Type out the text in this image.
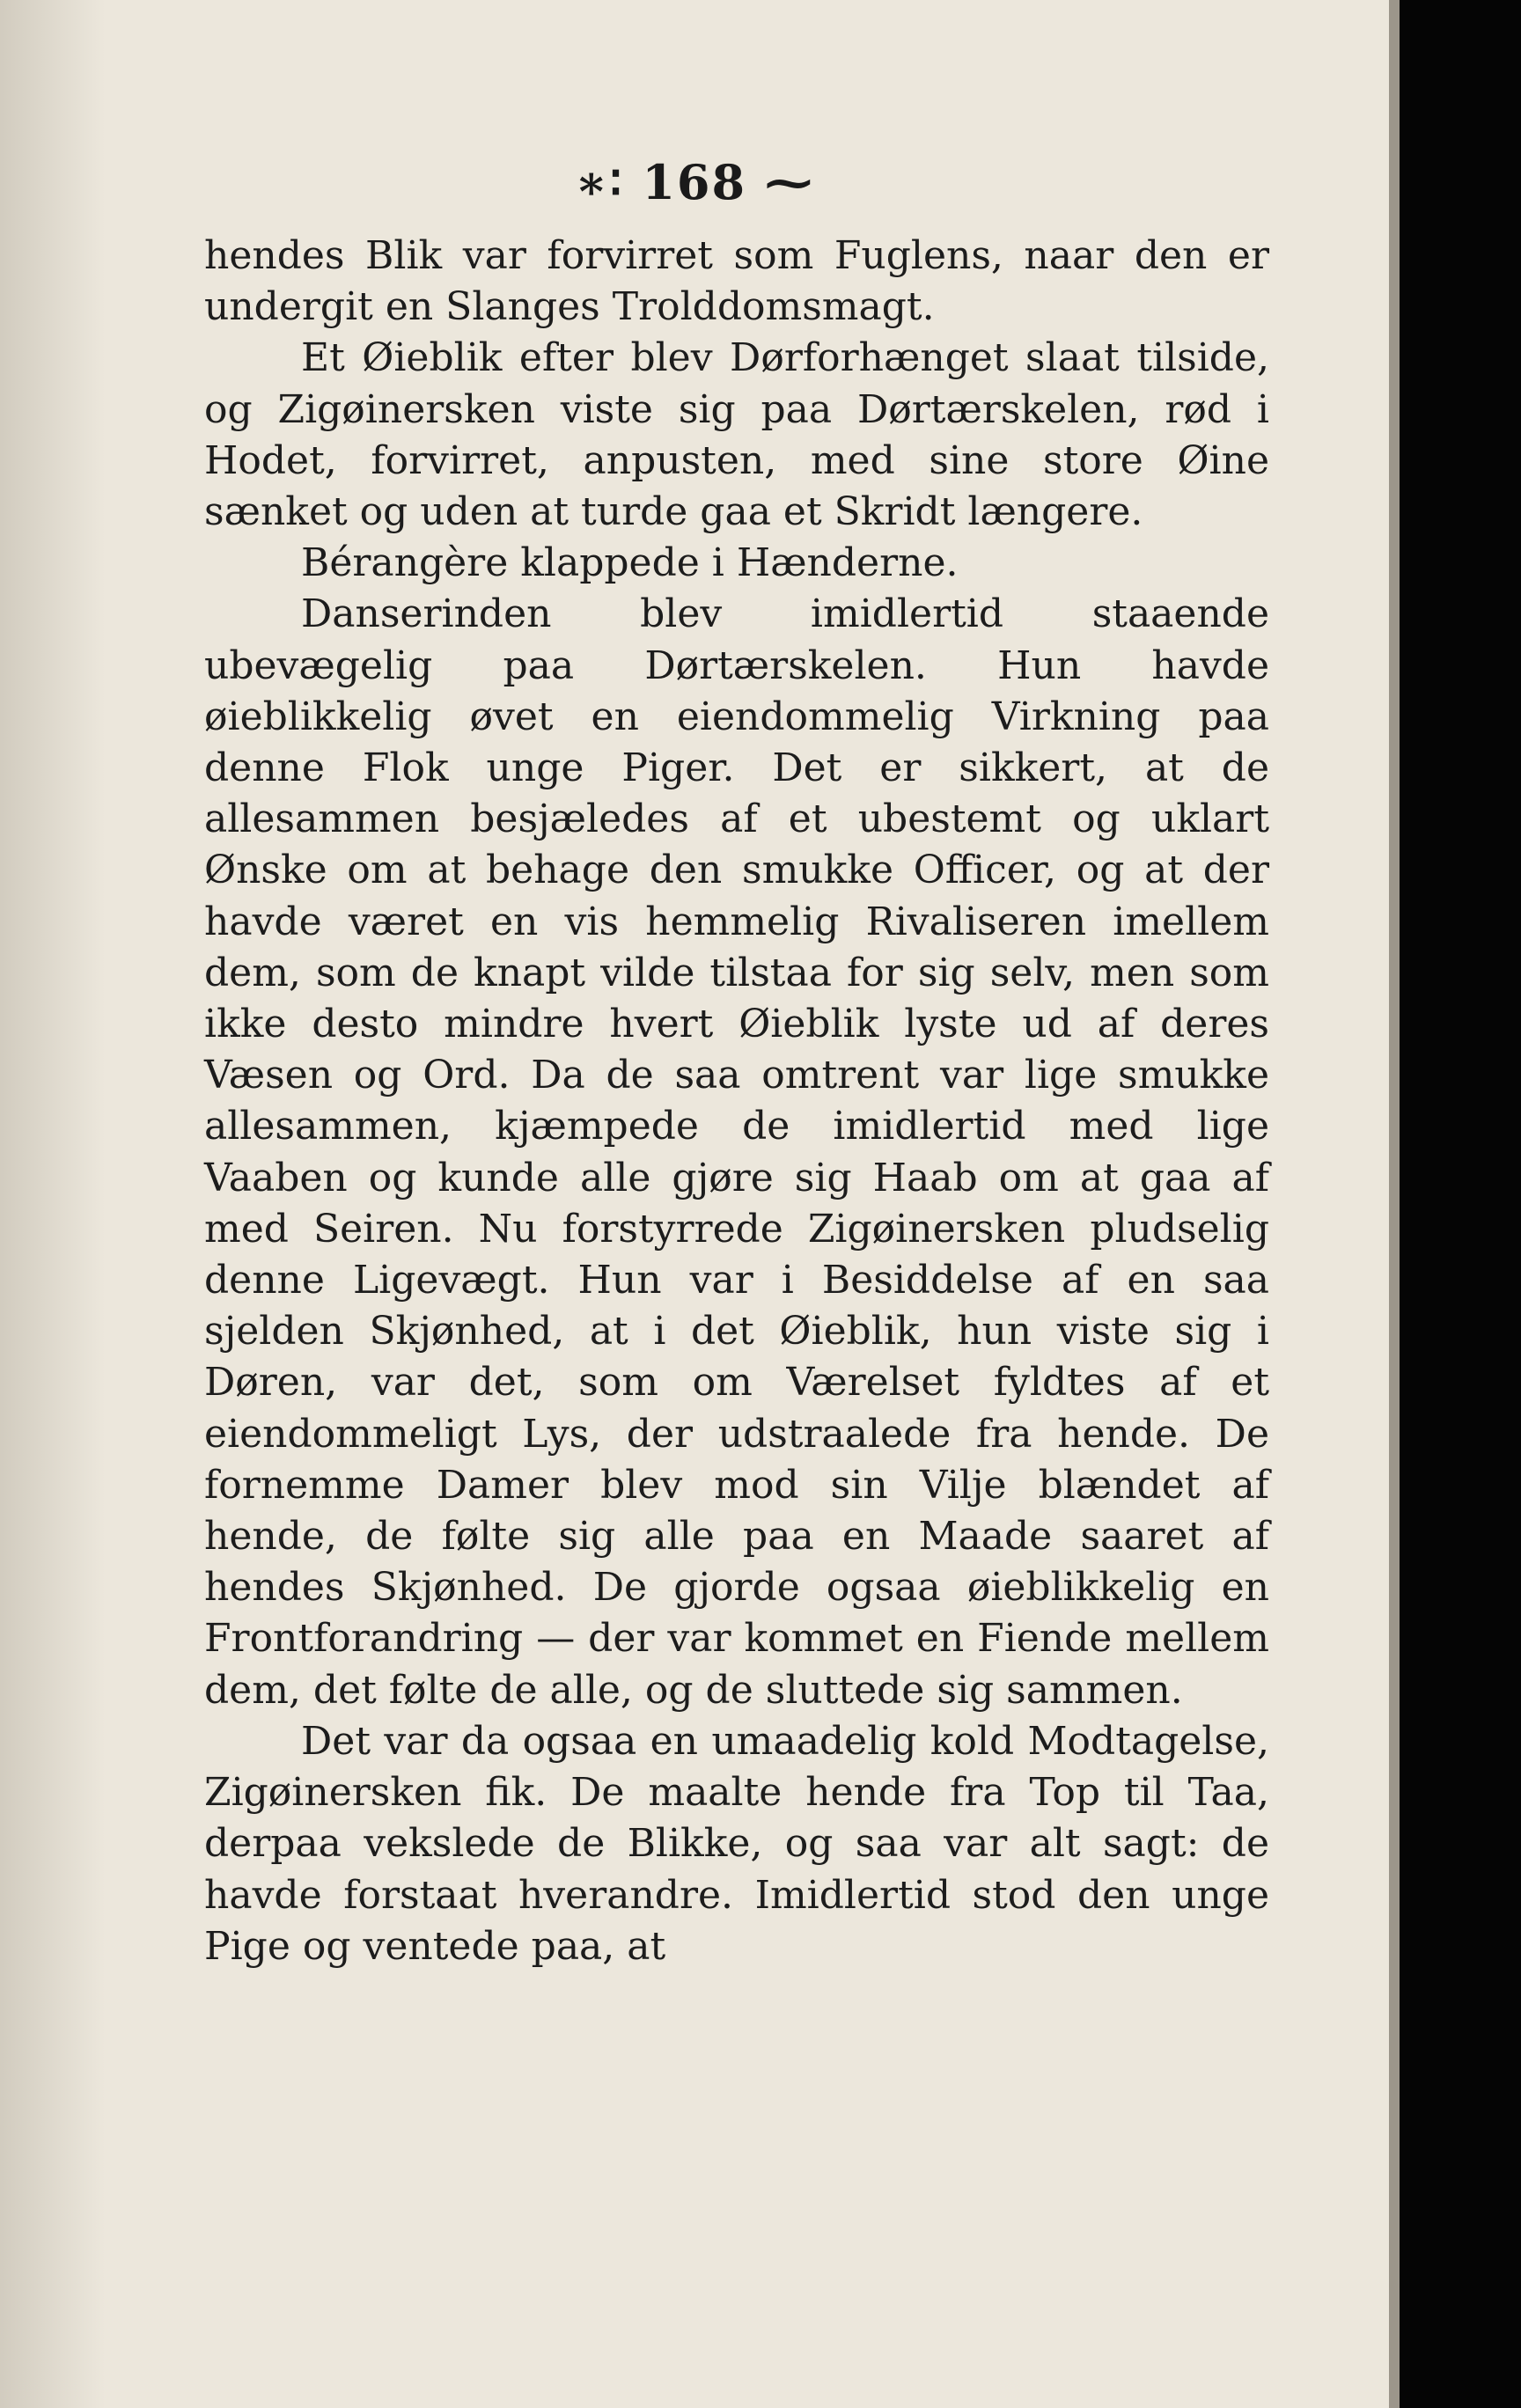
∗∶ 168 ⁓

hendes Blik var forvirret som Fuglens, naar den er undergit en Slanges Trolddomsmagt.

Et Øieblik efter blev Dørforhænget slaat tilside, og Zigøinersken viste sig paa Dørtærskelen, rød i Hodet, forvirret, anpusten, med sine store Øine sænket og uden at turde gaa et Skridt længere.

Bérangère klappede i Hænderne.

Danserinden blev imidlertid staaende ubevægelig paa Dørtærskelen. Hun havde øieblikkelig øvet en eiendommelig Virkning paa denne Flok unge Piger. Det er sikkert, at de allesammen besjæledes af et ubestemt og uklart Ønske om at behage den smukke Officer, og at der havde været en vis hemmelig Rivaliseren imellem dem, som de knapt vilde tilstaa for sig selv, men som ikke desto mindre hvert Øieblik lyste ud af deres Væsen og Ord. Da de saa omtrent var lige smukke allesammen, kjæmpede de imidlertid med lige Vaaben og kunde alle gjøre sig Haab om at gaa af med Seiren. Nu forstyrrede Zigøinersken pludselig denne Ligevægt. Hun var i Besiddelse af en saa sjelden Skjønhed, at i det Øieblik, hun viste sig i Døren, var det, som om Værelset fyldtes af et eiendommeligt Lys, der udstraalede fra hende. De fornemme Damer blev mod sin Vilje blændet af hende, de følte sig alle paa en Maade saaret af hendes Skjønhed. De gjorde ogsaa øieblikkelig en Frontforandring — der var kommet en Fiende mellem dem, det følte de alle, og de sluttede sig sammen.

Det var da ogsaa en umaadelig kold Modtagelse, Zigøinersken fik. De maalte hende fra Top til Taa, derpaa vekslede de Blikke, og saa var alt sagt: de havde forstaat hverandre. Imidlertid stod den unge Pige og ventede paa, at
